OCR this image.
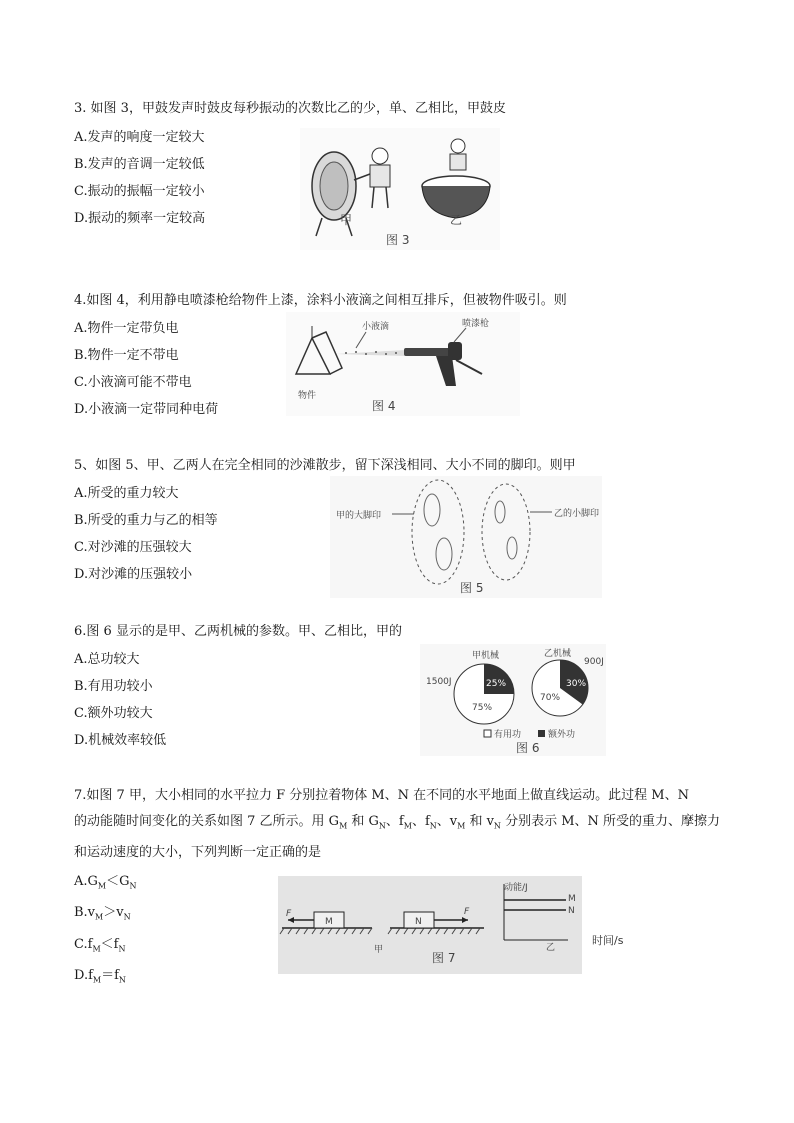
3. 如图 3，甲鼓发声时鼓皮每秒振动的次数比乙的少，单、乙相比，甲鼓皮

A.发声的响度一定较大

B.发声的音调一定较低

C.振动的振幅一定较小

D.振动的频率一定较高	甲	乙
图 3

4.如图 4，利用静电喷漆枪给物件上漆，涂料小液滴之间相互排斥，但被物件吸引。则

A.物件一定带负电

B.物件一定不带电

C.小液滴可能不带电

D.小液滴一定带同种电荷

小液滴	喷漆枪
物件
图 4

5、如图 5、甲、乙两人在完全相同的沙滩散步，留下深浅相同、大小不同的脚印。则甲

A.所受的重力较大

B.所受的重力与乙的相等

C.对沙滩的压强较大

D.对沙滩的压强较小

甲的大脚印	乙的小脚印
图 5

6.图 6 显示的是甲、乙两机械的参数。甲、乙相比，甲的

A.总功较大

B.有用功较小

C.额外功较大

D.机械效率较低

甲机械
25%
75%
1500J
乙机械
30%
70%
900J
有用功	额外功
图 6

7.如图 7 甲，大小相同的水平拉力 F 分别拉着物体 M、N 在不同的水平地面上做直线运动。此过程 M、N

的动能随时间变化的关系如图 7 乙所示。用 $G_M$ 和 $G_N$、$f_M$、$f_N$、$v_M$ 和 $v_N$ 分别表示 M、N 所受的重力、摩擦力

和运动速度的大小，下列判断一定正确的是

$A.G_M<G_N$

$B.v_M>v_N$

$C.f_M<f_N$

$D.f_M=f_N$

M
F
N
F
甲
图 7
动能/J
M
N
乙
时间/s
